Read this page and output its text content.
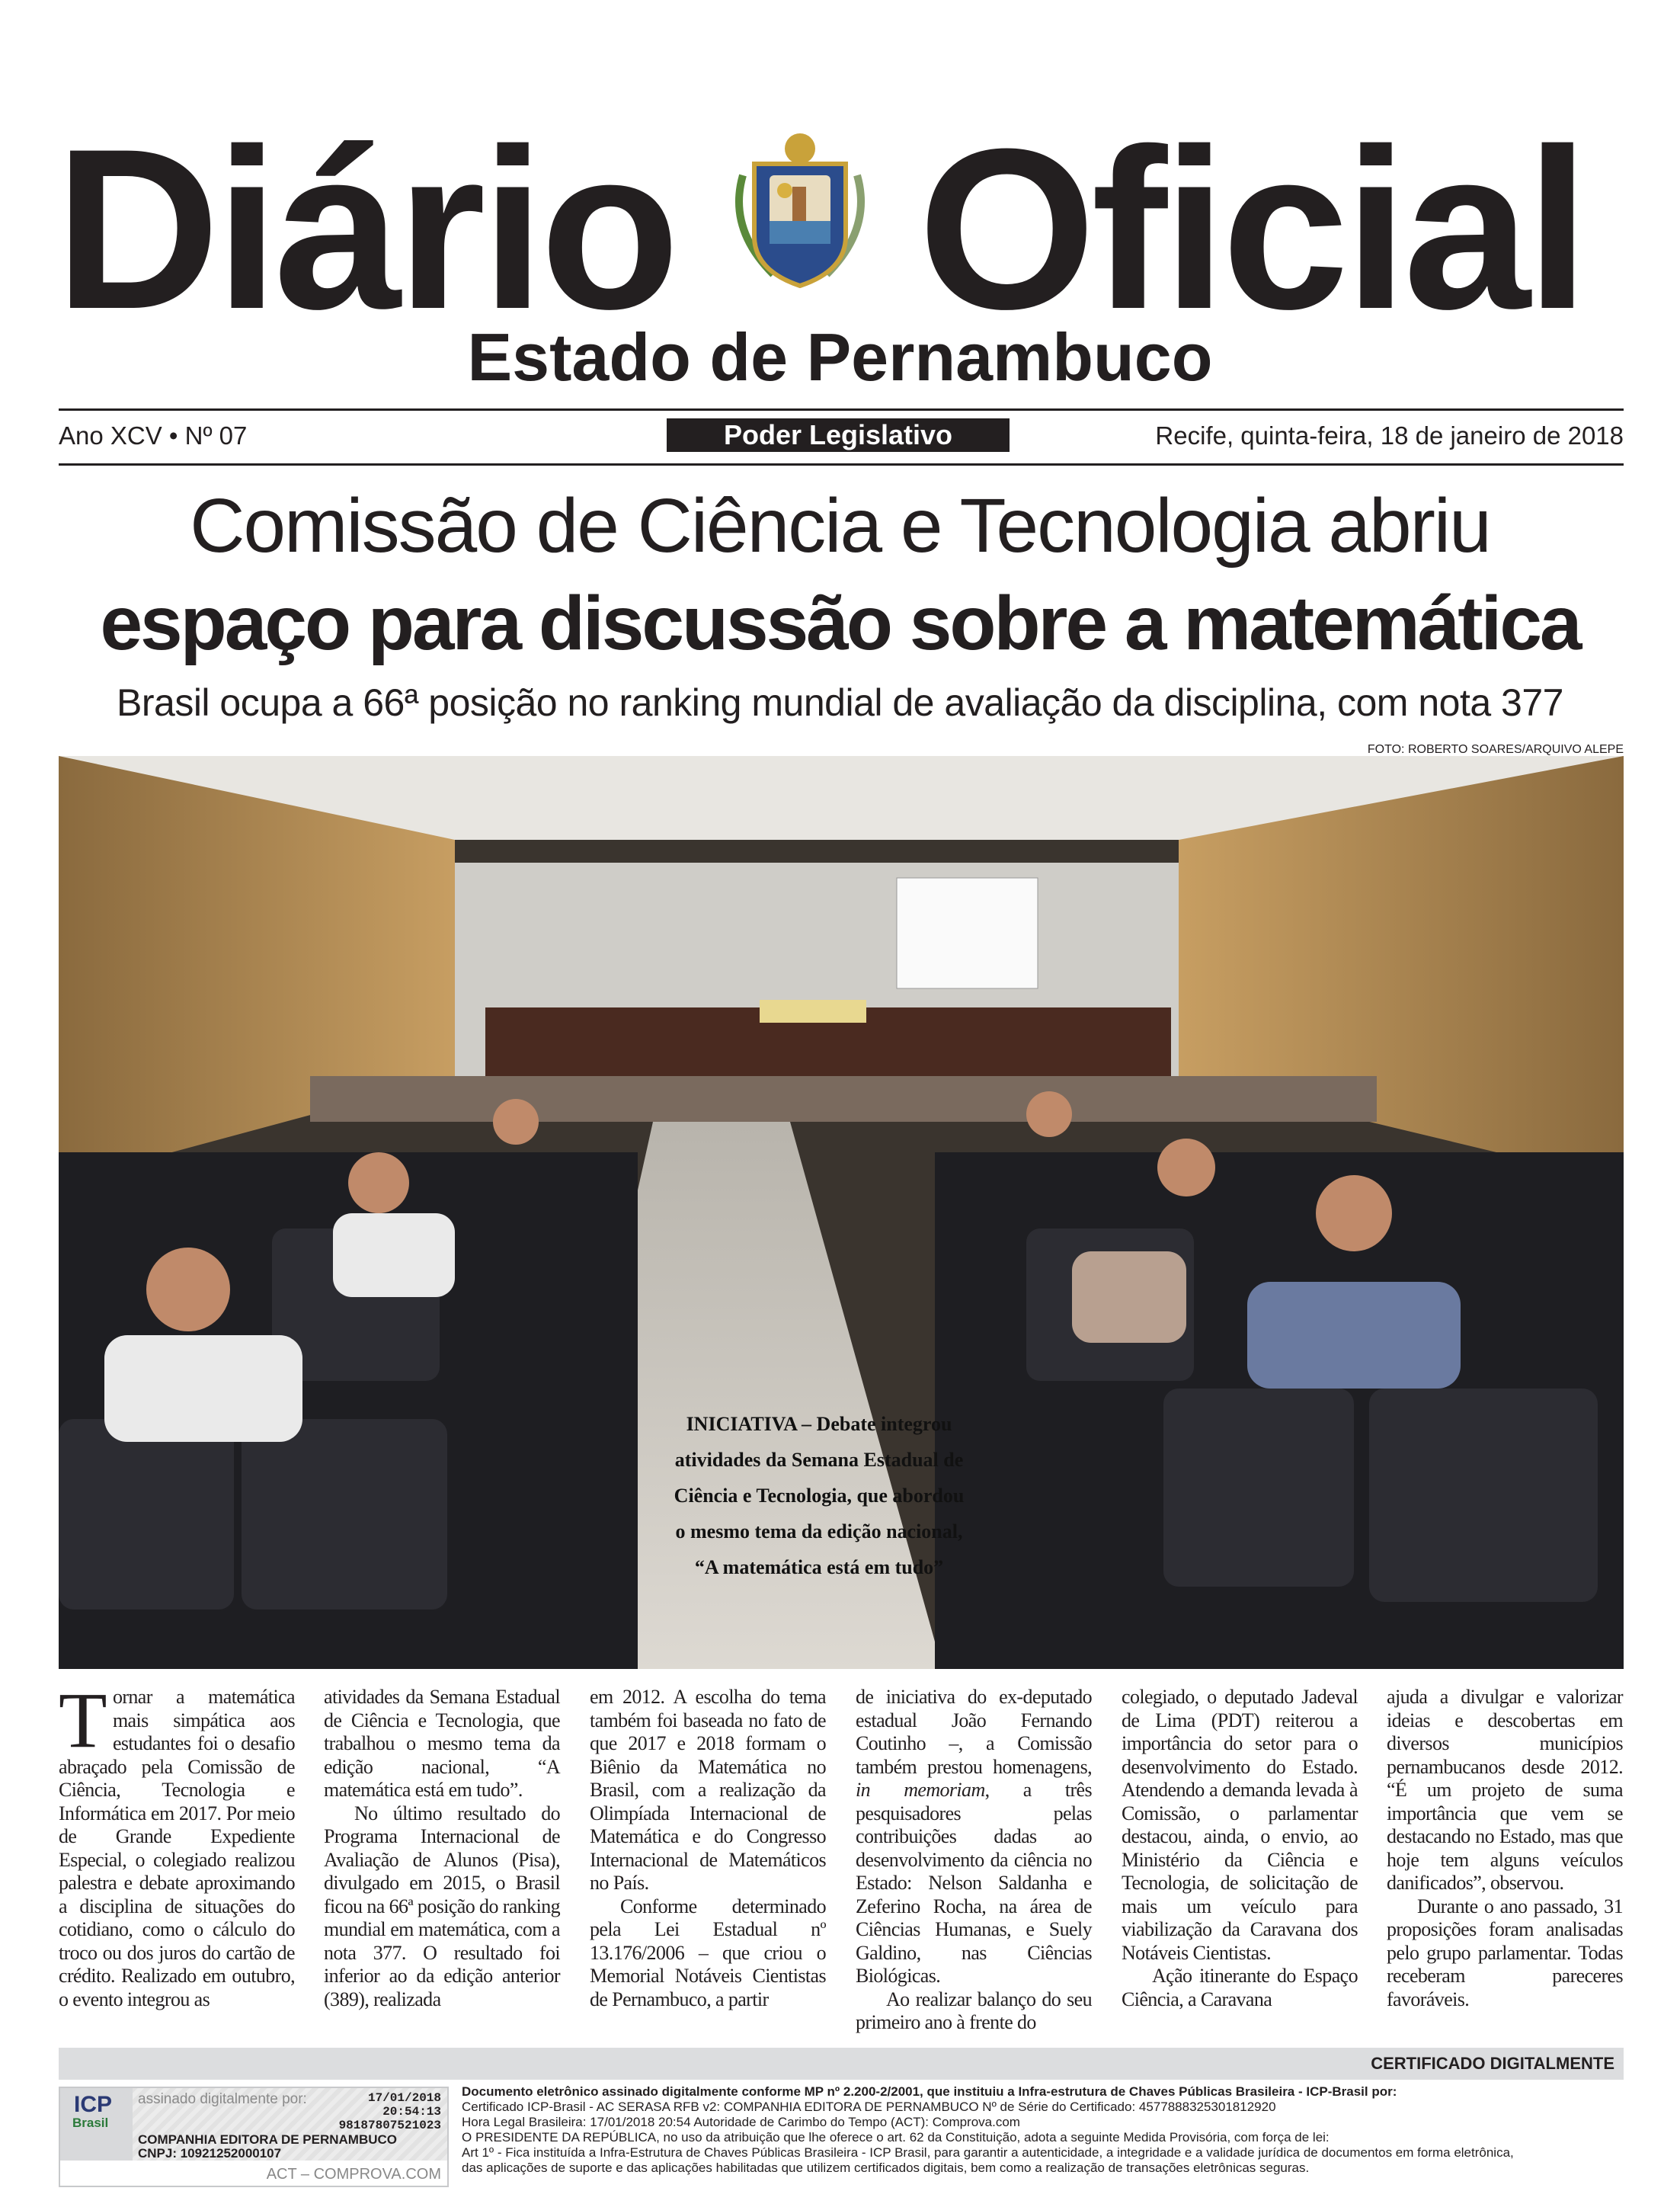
Diário Oficial
Estado de Pernambuco
Ano XCV • Nº 07	Poder Legislativo	Recife, quinta-feira, 18 de janeiro de 2018
Comissão de Ciência e Tecnologia abriu
espaço para discussão sobre a matemática
Brasil ocupa a 66ª posição no ranking mundial de avaliação da disciplina, com nota 377
FOTO: ROBERTO SOARES/ARQUIVO ALEPE
INICIATIVA – Debate integrou atividades da Semana Estadual de Ciência e Tecnologia, que abordou o mesmo tema da edição nacional, “A matemática está em tudo”
T ornar a matemática mais simpática aos estudantes foi o desafio abraçado pela Comissão de Ciência, Tecnologia e Informática em 2017. Por meio de Grande Expediente Especial, o colegiado realizou palestra e debate aproximando a disciplina de situações do cotidiano, como o cálculo do troco ou dos juros do cartão de crédito. Realizado em outubro, o evento integrou as

atividades da Semana Estadual de Ciência e Tecnologia, que trabalhou o mesmo tema da edição nacional, “A matemática está em tudo”.

No último resultado do Programa Internacional de Avaliação de Alunos (Pisa), divulgado em 2015, o Brasil ficou na 66ª posição do ranking mundial em matemática, com a nota 377. O resultado foi inferior ao da edição anterior (389), realizada

em 2012. A escolha do tema também foi baseada no fato de que 2017 e 2018 formam o Biênio da Matemática no Brasil, com a realização da Olimpíada Internacional de Matemática e do Congresso Internacional de Matemáticos no País.

Conforme determinado pela Lei Estadual nº 13.176/2006 – que criou o Memorial Notáveis Cientistas de Pernambuco, a partir

de iniciativa do ex-deputado estadual João Fernando Coutinho –, a Comissão também prestou homenagens, in memoriam, a três pesquisadores pelas contribuições dadas ao desenvolvimento da ciência no Estado: Nelson Saldanha e Zeferino Rocha, na área de Ciências Humanas, e Suely Galdino, nas Ciências Biológicas.

Ao realizar balanço do seu primeiro ano à frente do

colegiado, o deputado Jadeval de Lima (PDT) reiterou a importância do setor para o desenvolvimento do Estado. Atendendo a demanda levada à Comissão, o parlamentar destacou, ainda, o envio, ao Ministério da Ciência e Tecnologia, de solicitação de mais um veículo para viabilização da Caravana dos Notáveis Cientistas.

Ação itinerante do Espaço Ciência, a Caravana

ajuda a divulgar e valorizar ideias e descobertas em diversos municípios pernambucanos desde 2012. “É um projeto de suma importância que vem se destacando no Estado, mas que hoje tem alguns veículos danificados”, observou.

Durante o ano passado, 31 proposições foram analisadas pelo grupo parlamentar. Todas receberam pareceres favoráveis.

CERTIFICADO DIGITALMENTE
ICP
Brasil
assinado digitalmente por:	17/01/2018
20:54:13
98187807521023
COMPANHIA EDITORA DE PERNAMBUCO
CNPJ: 10921252000107
ACT – COMPROVA.COM
Documento eletrônico assinado digitalmente conforme MP nº 2.200-2/2001, que instituiu a Infra-estrutura de Chaves Públicas Brasileira - ICP-Brasil por:
Certificado ICP-Brasil - AC SERASA RFB v2: COMPANHIA EDITORA DE PERNAMBUCO Nº de Série do Certificado: 4577888325301812920
Hora Legal Brasileira: 17/01/2018 20:54 Autoridade de Carimbo do Tempo (ACT): Comprova.com
O PRESIDENTE DA REPÚBLICA, no uso da atribuição que lhe oferece o art. 62 da Constituição, adota a seguinte Medida Provisória, com força de lei:
Art 1º - Fica instituída a Infra-Estrutura de Chaves Públicas Brasileira - ICP Brasil, para garantir a autenticidade, a integridade e a validade jurídica de documentos em forma eletrônica,
das aplicações de suporte e das aplicações habilitadas que utilizem certificados digitais, bem como a realização de transações eletrônicas seguras.
